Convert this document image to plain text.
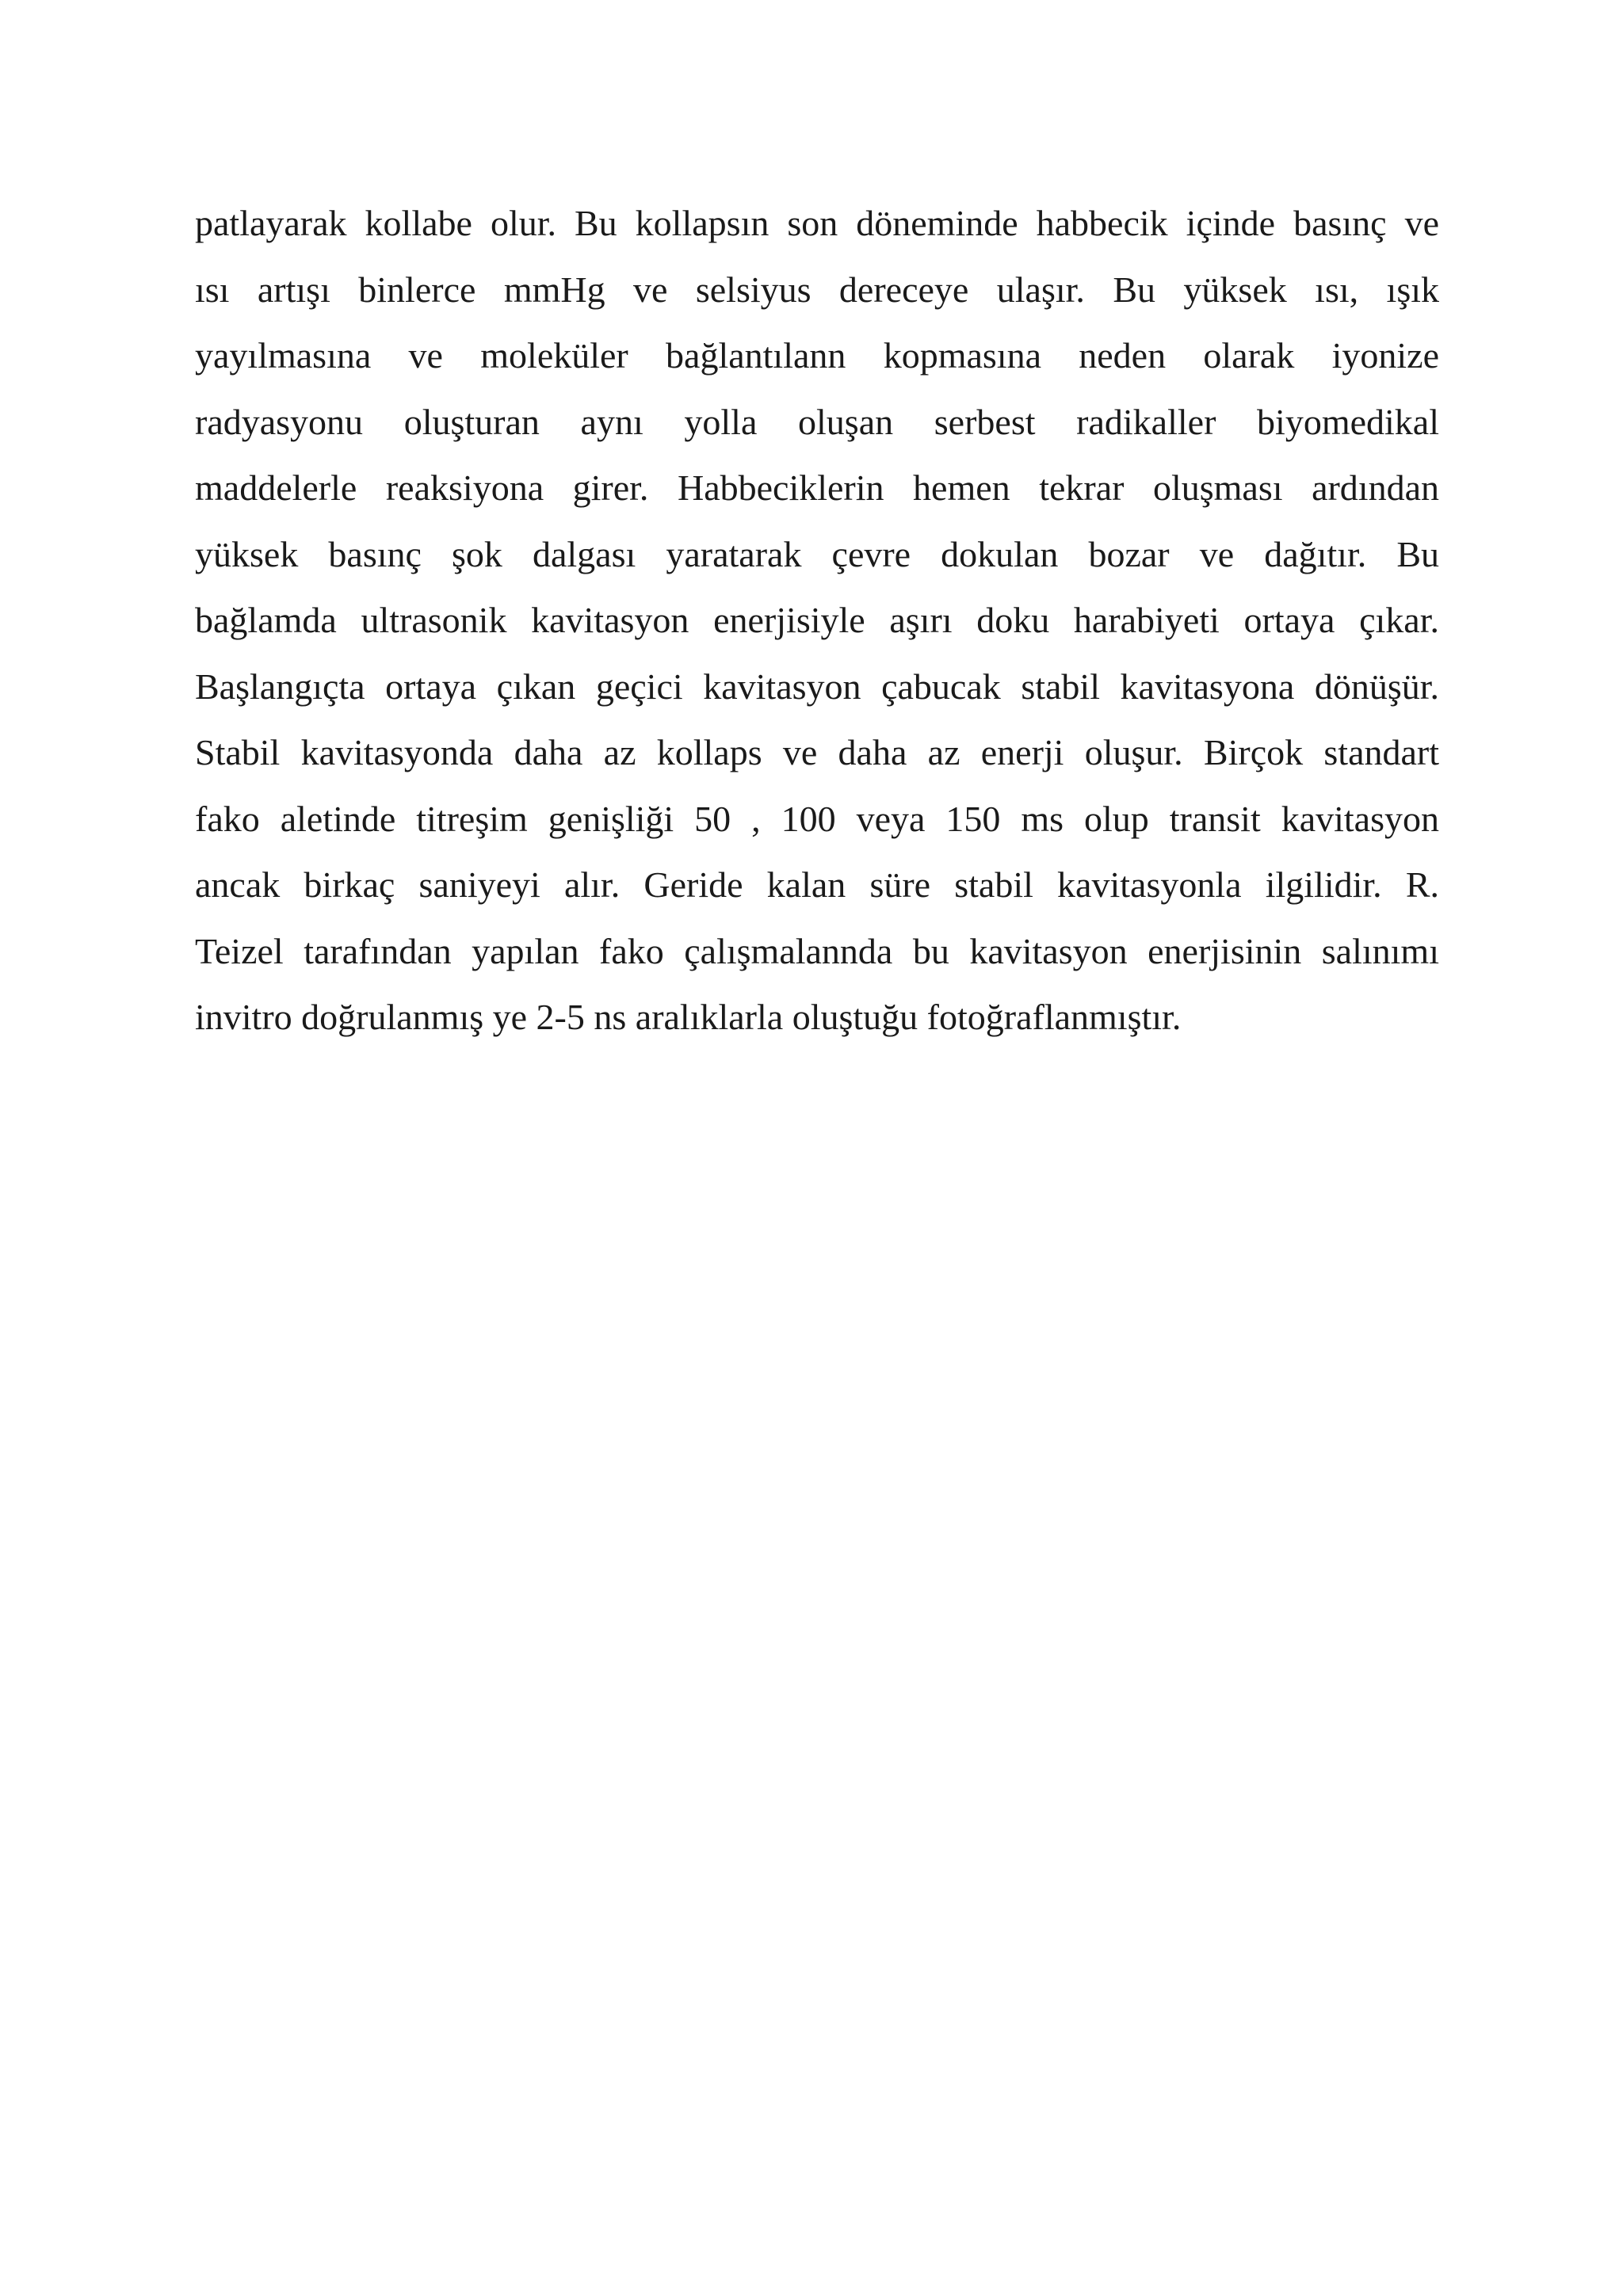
patlayarak kollabe olur. Bu kollapsın son döneminde habbecik içinde basınç ve
ısı artışı binlerce mmHg ve selsiyus dereceye ulaşır. Bu yüksek ısı, ışık
yayılmasına ve moleküler bağlantılann kopmasına neden olarak iyonize
radyasyonu oluşturan aynı yolla oluşan serbest radikaller biyomedikal
maddelerle reaksiyona girer. Habbeciklerin hemen tekrar oluşması ardından
yüksek basınç şok dalgası yaratarak çevre dokulan bozar ve dağıtır. Bu
bağlamda ultrasonik kavitasyon enerjisiyle aşırı doku harabiyeti ortaya çıkar.
Başlangıçta ortaya çıkan geçici kavitasyon çabucak stabil kavitasyona dönüşür.
Stabil kavitasyonda daha az kollaps ve daha az enerji oluşur. Birçok standart
fako aletinde titreşim genişliği 50 , 100 veya 150 ms olup transit kavitasyon
ancak birkaç saniyeyi alır. Geride kalan süre stabil kavitasyonla ilgilidir. R.
Teizel tarafından yapılan fako çalışmalannda bu kavitasyon enerjisinin salınımı
invitro doğrulanmış ye 2-5 ns aralıklarla oluştuğu fotoğraflanmıştır.
